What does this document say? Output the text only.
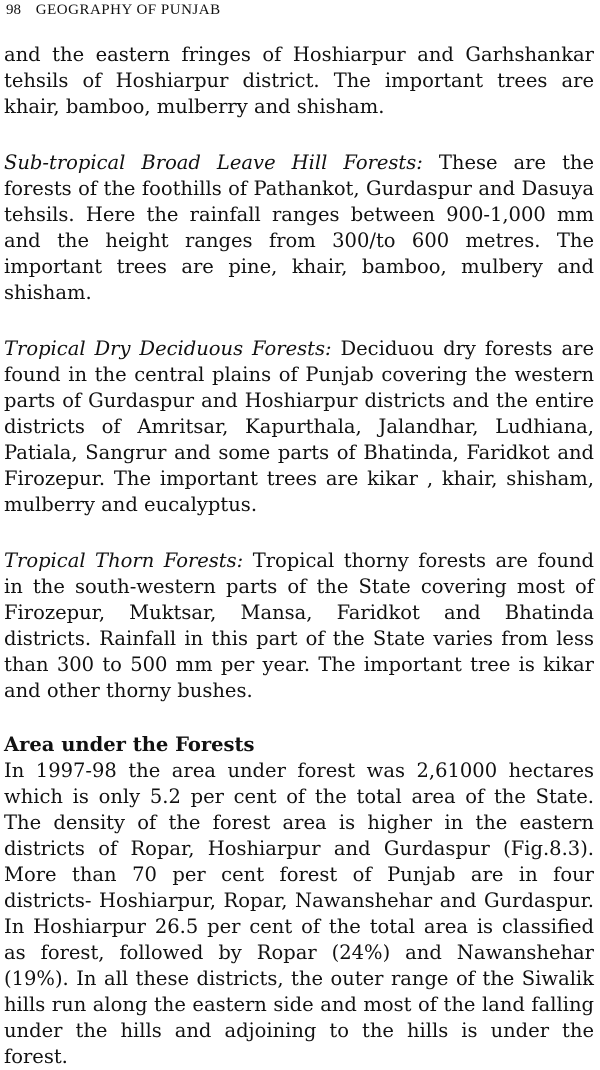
98 GEOGRAPHY OF PUNJAB

and the eastern fringes of Hoshiarpur and Garhshankar tehsils of Hoshiarpur district. The important trees are khair, bamboo, mulberry and shisham.

Sub-tropical Broad Leave Hill Forests: These are the forests of the foothills of Pathankot, Gurdaspur and Dasuya tehsils. Here the rainfall ranges between 900-1,000 mm and the height ranges from 300/to 600 metres. The important trees are pine, khair, bamboo, mulbery and shisham.

Tropical Dry Deciduous Forests: Deciduou dry forests are found in the central plains of Punjab covering the western parts of Gurdaspur and Hoshiarpur districts and the entire districts of Amritsar, Kapurthala, Jalandhar, Ludhiana, Patiala, Sangrur and some parts of Bhatinda, Faridkot and Firozepur. The important trees are kikar , khair, shisham, mulberry and eucalyptus.

Tropical Thorn Forests: Tropical thorny forests are found in the south-western parts of the State covering most of Firozepur, Muktsar, Mansa, Faridkot and Bhatinda districts. Rainfall in this part of the State varies from less than 300 to 500 mm per year. The important tree is kikar and other thorny bushes.

Area under the Forests

In 1997-98 the area under forest was 2,61000 hectares which is only 5.2 per cent of the total area of the State. The density of the forest area is higher in the eastern districts of Ropar, Hoshiarpur and Gurdaspur (Fig.8.3). More than 70 per cent forest of Punjab are in four districts- Hoshiarpur, Ropar, Nawanshehar and Gurdaspur. In Hoshiarpur 26.5 per cent of the total area is classified as forest, followed by Ropar (24%) and Nawanshehar (19%). In all these districts, the outer range of the Siwalik hills run along the eastern side and most of the land falling under the hills and adjoining to the hills is under the forest.
